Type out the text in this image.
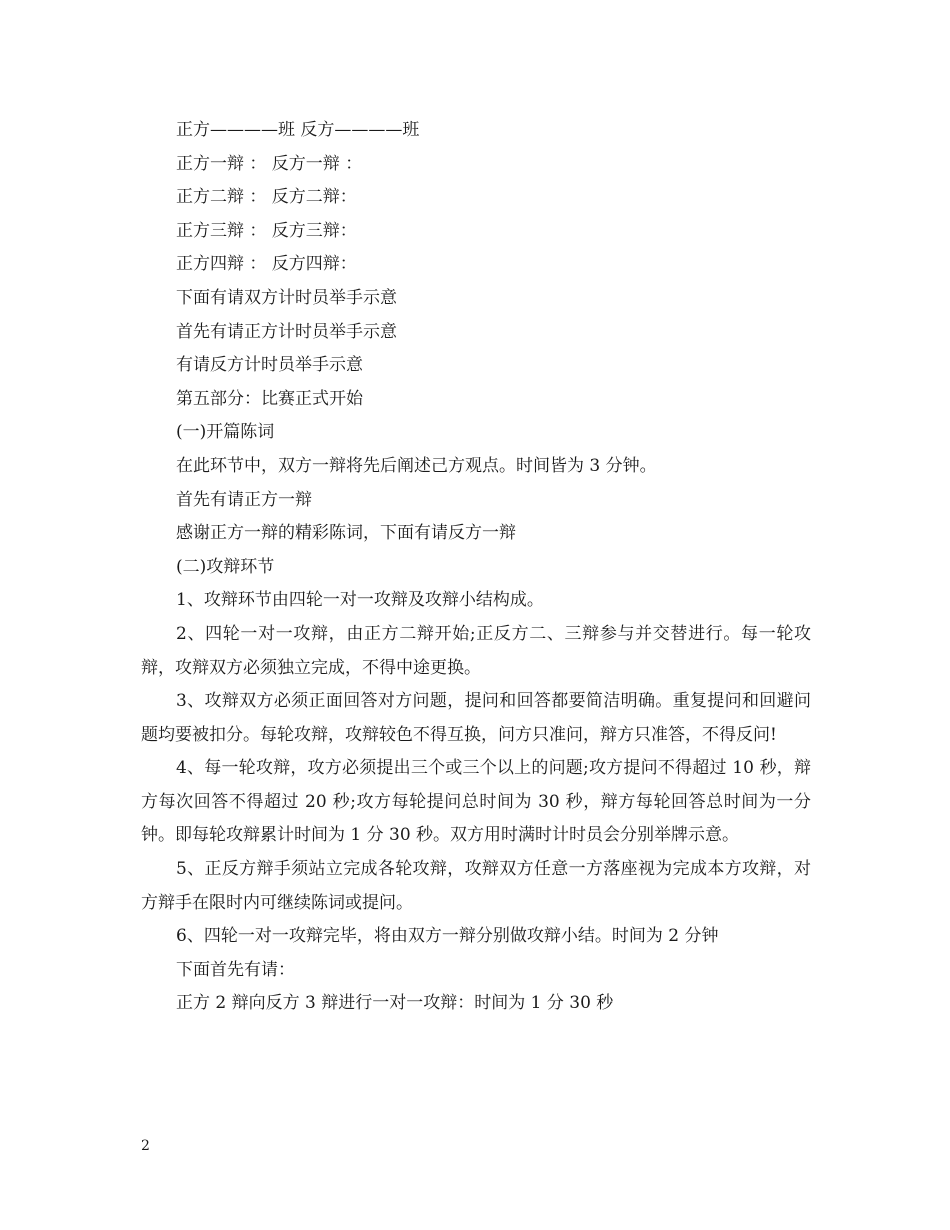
正方————班 反方————班
正方一辩 ： 反方一辩 ：
正方二辩 ： 反方二辩：
正方三辩 ： 反方三辩：
正方四辩 ： 反方四辩：
下面有请双方计时员举手示意
首先有请正方计时员举手示意
有请反方计时员举手示意
第五部分：比赛正式开始
(一)开篇陈词
在此环节中，双方一辩将先后阐述己方观点。时间皆为 3 分钟。
首先有请正方一辩
感谢正方一辩的精彩陈词，下面有请反方一辩
(二)攻辩环节
1、攻辩环节由四轮一对一攻辩及攻辩小结构成。
2、四轮一对一攻辩，由正方二辩开始;正反方二、三辩参与并交替进行。每一轮攻辩，攻辩双方必须独立完成，不得中途更换。
3、攻辩双方必须正面回答对方问题，提问和回答都要简洁明确。重复提问和回避问题均要被扣分。每轮攻辩，攻辩较色不得互换，问方只准问，辩方只准答，不得反问!
4、每一轮攻辩，攻方必须提出三个或三个以上的问题;攻方提问不得超过 10 秒，辩方每次回答不得超过 20 秒;攻方每轮提问总时间为 30 秒，辩方每轮回答总时间为一分钟。即每轮攻辩累计时间为 1 分 30 秒。双方用时满时计时员会分别举牌示意。
5、正反方辩手须站立完成各轮攻辩，攻辩双方任意一方落座视为完成本方攻辩，对方辩手在限时内可继续陈词或提问。
6、四轮一对一攻辩完毕，将由双方一辩分别做攻辩小结。时间为 2 分钟
下面首先有请：
正方 2 辩向反方 3 辩进行一对一攻辩：时间为 1 分 30 秒
2
